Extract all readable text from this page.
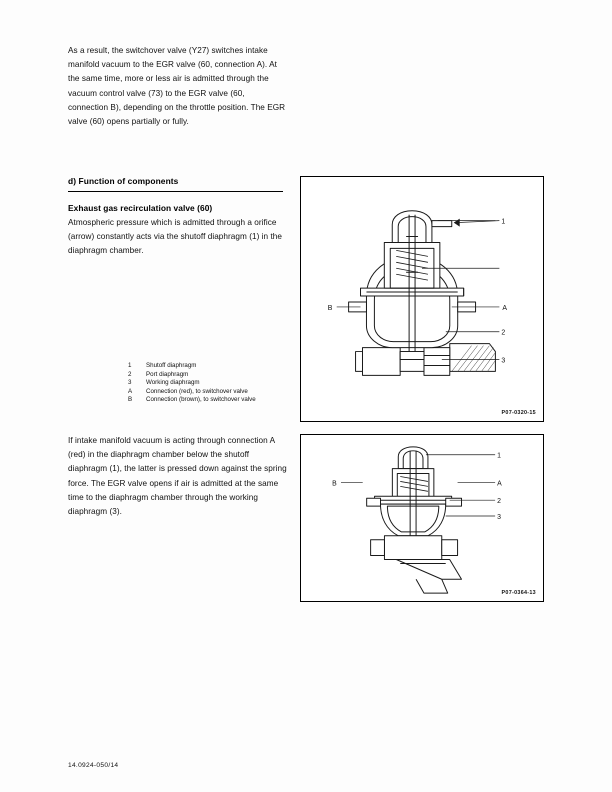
As a result, the switchover valve (Y27) switches intake manifold vacuum to the EGR valve (60, connection A). At the same time, more or less air is admitted through the vacuum control valve (73) to the EGR valve (60, connection B), depending on the throttle position. The EGR valve (60) opens partially or fully.
d) Function of components
Exhaust gas recirculation valve (60)
Atmospheric pressure which is admitted through a orifice (arrow) constantly acts via the shutoff diaphragm (1) in the diaphragm chamber.
1	Shutoff diaphragm
2	Port diaphragm
3	Working diaphragm
A	Connection (red), to switchover valve
B	Connection (brown), to switchover valve
If intake manifold vacuum is acting through connection A (red) in the diaphragm chamber below the shutoff diaphragm (1), the latter is pressed down against the spring force. The EGR valve opens if air is admitted at the same time to the diaphragm chamber through the working diaphragm (3).
1
A
B
2
3
P07-0320-15
1
A
B
2
3
P07-0364-13
14.0924-050/14
